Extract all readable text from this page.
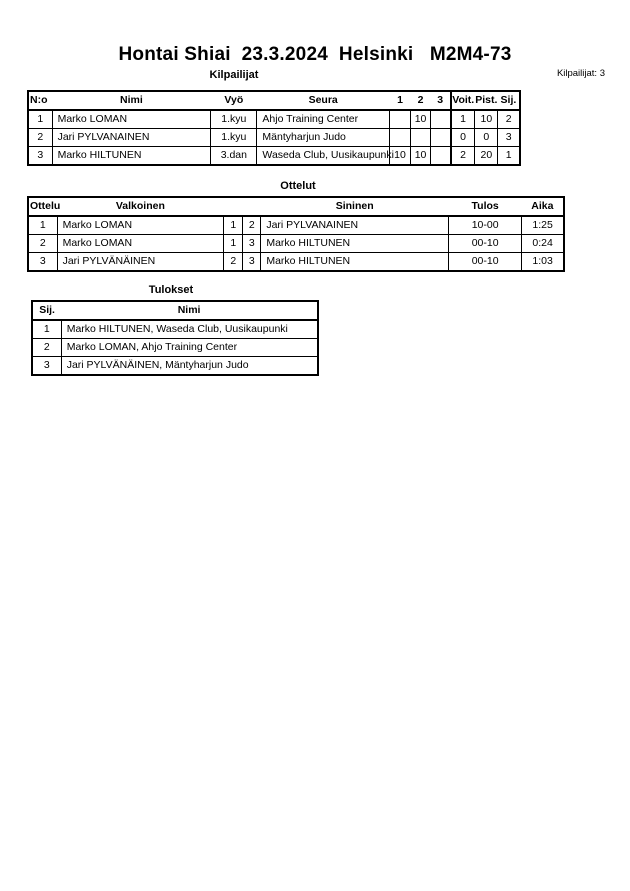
Hontai Shiai  23.3.2024  Helsinki   M2M4-73
Kilpailijat: 3
Kilpailijat
N:o	Nimi	Vyö	Seura	1	2	3	Voit.	Pist.	Sij.
1	Marko LOMAN	1.kyu	Ahjo Training Center		10		1	10	2
2	Jari PYLVANAINEN	1.kyu	Mäntyharjun Judo				0	0	3
3	Marko HILTUNEN	3.dan	Waseda Club, Uusikaupunki	10	10		2	20	1
Ottelut
Ottelu	Valkoinen			Sininen	Tulos	Aika
1	Marko LOMAN	1	2	Jari PYLVANAINEN	10-00	1:25
2	Marko LOMAN	1	3	Marko HILTUNEN	00-10	0:24
3	Jari PYLVÄNÄINEN	2	3	Marko HILTUNEN	00-10	1:03
Tulokset
Sij.	Nimi
1	Marko HILTUNEN, Waseda Club, Uusikaupunki
2	Marko LOMAN, Ahjo Training Center
3	Jari PYLVÄNÄINEN, Mäntyharjun Judo
